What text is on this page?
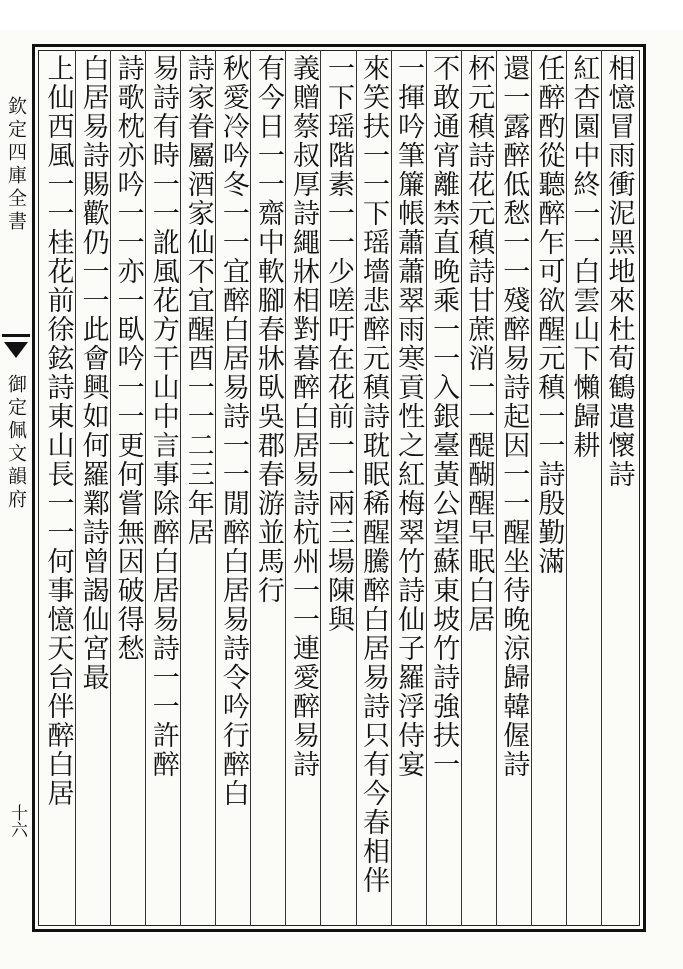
欽定四庫全書
御定佩文韻府
十六
相憶冒雨衝泥黑地來杜荀鶴遣懷詩
紅杏園中終一一白雲山下懶歸耕
任醉酌從聽醉乍可欲醒元稹一一詩殷勤滿
還一露醉低愁一一殘醉易詩起因一一醒坐待晚涼歸韓偓詩
杯元稹詩花元稹詩甘蔗消一一醍醐醒早眠白居
不敢通宵離禁直晚乘一一入銀臺黃公望蘇東坡竹詩強扶一
一揮吟筆簾帳蕭蕭翠雨寒貢性之紅梅翠竹詩仙子羅浮侍宴
來笑扶一一下瑶墻悲醉元稹詩耽眠稀醒騰醉白居易詩只有今春相伴
一下瑶階素一一少嗟吁在花前一一兩三場陳與
義贈蔡叔厚詩繩牀相對暮醉白居易詩杭州一一連愛醉易詩
有今日一一齋中軟腳春牀臥吳郡春游並馬行
秋愛冷吟冬一一宜醉白居易詩一一閒醉白居易詩令吟行醉白
詩家眷屬酒家仙不宜醒酉一一二三年居
易詩有時一一訛風花方干山中言事除醉白居易詩一一許醉
詩歌枕亦吟一一亦一臥吟一一更何嘗無因破得愁
白居易詩賜歡仍一一此會興如何羅鄴詩曾謁仙宮最
上仙西風一一桂花前徐鉉詩東山長一一何事憶天台伴醉白居
